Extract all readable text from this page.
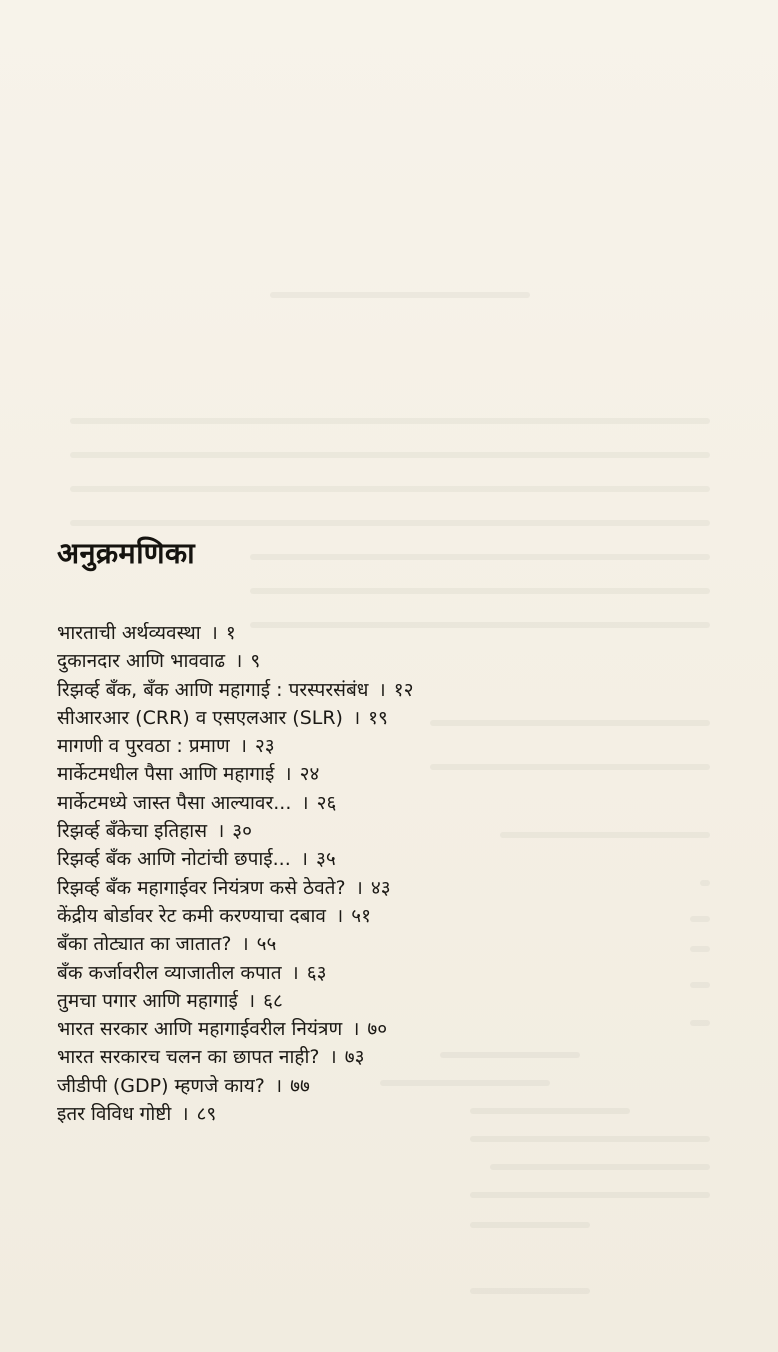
अनुक्रमणिका
भारताची अर्थव्यवस्था । १
दुकानदार आणि भाववाढ । ९
रिझर्व्ह बँक, बँक आणि महागाई : परस्परसंबंध । १२
सीआरआर (CRR) व एसएलआर (SLR) । १९
मागणी व पुरवठा : प्रमाण । २३
मार्केटमधील पैसा आणि महागाई । २४
मार्केटमध्ये जास्त पैसा आल्यावर... । २६
रिझर्व्ह बँकेचा इतिहास । ३०
रिझर्व्ह बँक आणि नोटांची छपाई... । ३५
रिझर्व्ह बँक महागाईवर नियंत्रण कसे ठेवते? । ४३
केंद्रीय बोर्डावर रेट कमी करण्याचा दबाव । ५१
बँका तोट्यात का जातात? । ५५
बँक कर्जावरील व्याजातील कपात । ६३
तुमचा पगार आणि महागाई । ६८
भारत सरकार आणि महागाईवरील नियंत्रण । ७०
भारत सरकारच चलन का छापत नाही? । ७३
जीडीपी (GDP) म्हणजे काय? । ७७
इतर विविध गोष्टी । ८९
